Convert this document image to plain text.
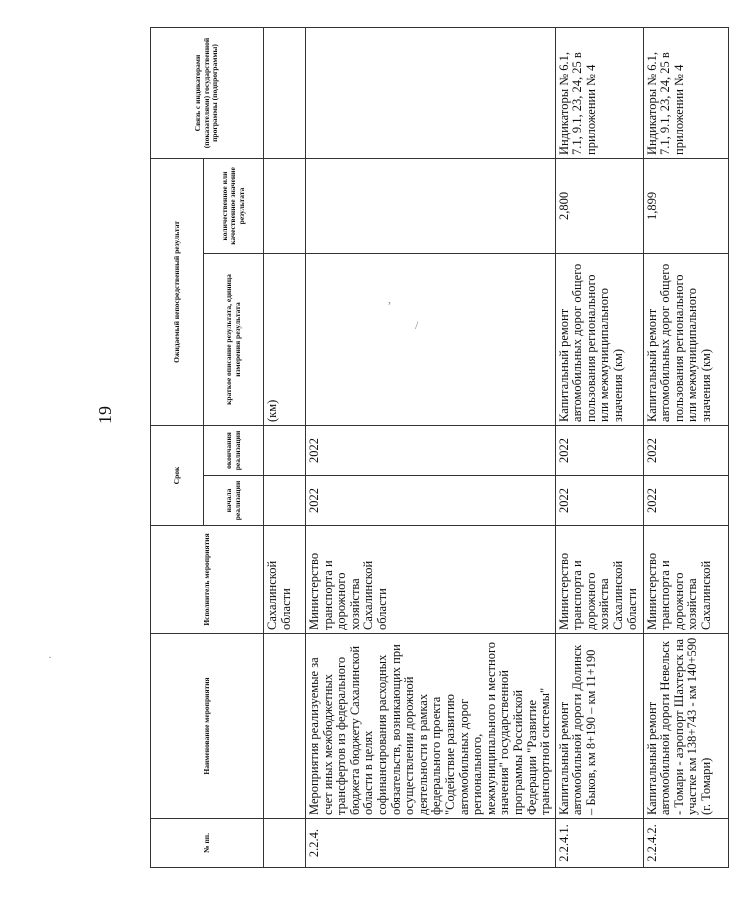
,
·
/
19
№ пп.	Наименование мероприятия	Исполнитель мероприятия	Срок		Ожидаемый непосредственный результат		Связь с индикаторами (показателями) государственной программы (подпрограммы)
			начала реализации	окончания реализации	краткое описание результата, единица измерения результата	количественное или качественное значение результата	
		Сахалинской области			(км)		
2.2.4.	Мероприятия реализуемые за счет иных межбюджетных трансфертов из федерального бюджета бюджету Сахалинской области в целях софинансирования расходных обязательств, возникающих при осуществлении дорожной деятельности в рамках федерального проекта "Содействие развитию автомобильных дорог регионального, межмуниципального и местного значения" государственной программы Российской Федерации "Развитие транспортной системы"	Министерство транспорта и дорожного хозяйства Сахалинской области	2022	2022			
2.2.4.1.	Капитальный ремонт автомобильной дороги Долинск – Быков, км 8+190 – км 11+190	Министерство транспорта и дорожного хозяйства Сахалинской области	2022	2022	Капитальный ремонт автомобильных дорог общего пользования регионального или межмуниципального значения (км)	2,800	Индикаторы № 6.1, 7.1, 9.1, 23, 24, 25 в приложении № 4
2.2.4.2.	Капитальный ремонт автомобильной дороги Невельск - Томари - аэропорт Шахтерск на участке км 138+743 - км 140+590 (г. Томари)	Министерство транспорта и дорожного хозяйства Сахалинской	2022	2022	Капитальный ремонт автомобильных дорог общего пользования регионального или межмуниципального значения (км)	1,899	Индикаторы № 6.1, 7.1, 9.1, 23, 24, 25 в приложении № 4
